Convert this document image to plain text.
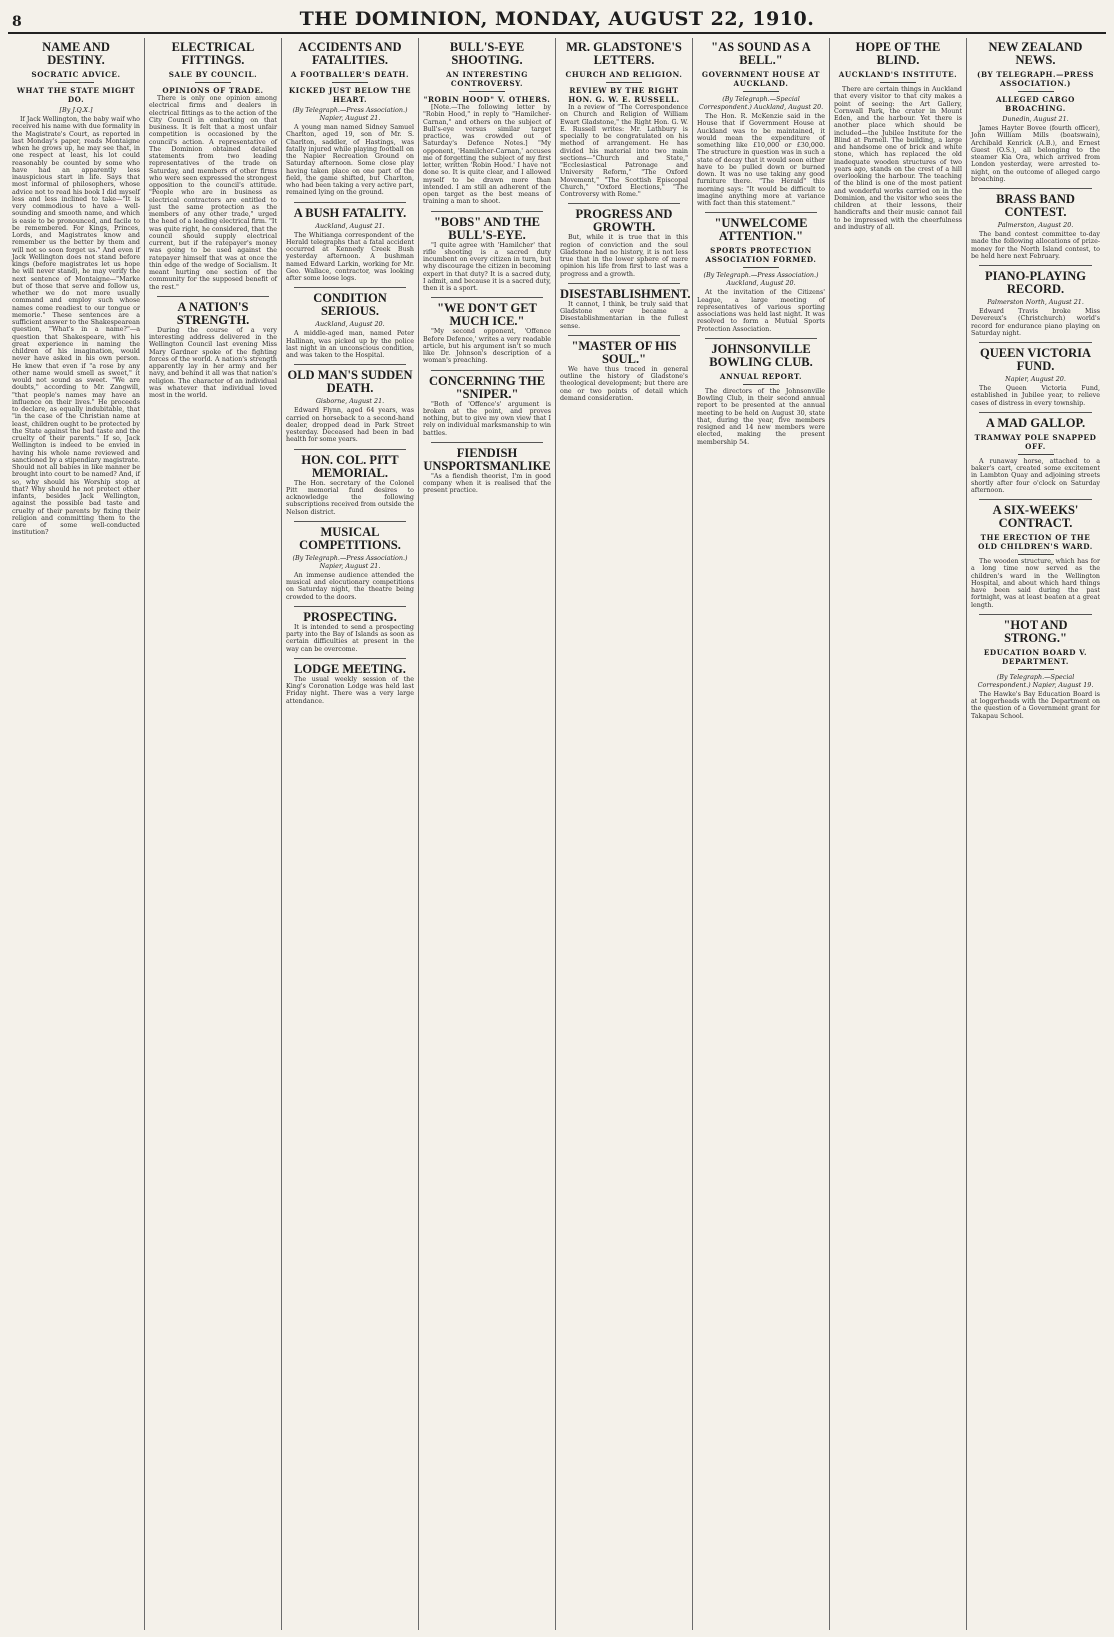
8	THE DOMINION, MONDAY, AUGUST 22, 1910.
NAME AND DESTINY.
SOCRATIC ADVICE.
WHAT THE STATE MIGHT DO.
[By J.Q.X.]
If Jack Wellington, the baby waif who received his name with due formality in the Magistrate's Court, as reported in last Monday's paper, reads Montaigne when he grows up, he may see that, in one respect at least, his lot could reasonably be counted by some who have had an apparently less inauspicious start in life. Says that most informal of philosophers, whose advice not to read his book I did myself less and less inclined to take—"It is very commodious to have a well-sounding and smooth name, and which is easie to be pronounced, and facile to be remembered. For Kings, Princes, Lords, and Magistrates know and remember us the better by them and will not so soon forget us." And even if Jack Wellington does not stand before kings (before magistrates let us hope he will never stand), he may verify the next sentence of Montaigne—"Marke but of those that serve and follow us, whether we do not more usually command and employ such whose names come readiest to our tongue or memorie." These sentences are a sufficient answer to the Shakespearean question, "What's in a name?"—a question that Shakespeare, with his great experience in naming the children of his imagination, would never have asked in his own person. He knew that even if "a rose by any other name would smell as sweet," it would not sound as sweet. "We are doubts," according to Mr. Zangwill, "that people's names may have an influence on their lives." He proceeds to declare, as equally indubitable, that "in the case of the Christian name at least, children ought to be protected by the State against the bad taste and the cruelty of their parents." If so, Jack Wellington is indeed to be envied in having his whole name reviewed and sanctioned by a stipendiary magistrate. Should not all babies in like manner be brought into court to be named? And, if so, why should his Worship stop at that? Why should he not protect other infants, besides Jack Wellington, against the possible bad taste and cruelty of their parents by fixing their religion and committing them to the care of some well-conducted institution?
ELECTRICAL FITTINGS.
SALE BY COUNCIL.
OPINIONS OF TRADE.
There is only one opinion among electrical firms and dealers in electrical fittings as to the action of the City Council in embarking on that business. It is felt that a most unfair competition is occasioned by the council's action. A representative of The Dominion obtained detailed statements from two leading representatives of the trade on Saturday, and members of other firms who were seen expressed the strongest opposition to the council's attitude. "People who are in business as electrical contractors are entitled to just the same protection as the members of any other trade," urged the head of a leading electrical firm. "It was quite right, he considered, that the council should supply electrical current, but if the ratepayer's money was going to be used against the ratepayer himself that was at once the thin edge of the wedge of Socialism. It meant hurting one section of the community for the supposed benefit of the rest."
A NATION'S STRENGTH.
During the course of a very interesting address delivered in the Wellington Council last evening Miss Mary Gardner spoke of the fighting forces of the world. A nation's strength apparently lay in her army and her navy, and behind it all was that nation's religion. The character of an individual was whatever that individual loved most in the world.
ACCIDENTS AND FATALITIES.
A FOOTBALLER'S DEATH.
KICKED JUST BELOW THE HEART.
(By Telegraph.—Press Association.) Napier, August 21.
A young man named Sidney Samuel Charlton, aged 19, son of Mr. S. Charlton, saddler, of Hastings, was fatally injured while playing football on the Napier Recreation Ground on Saturday afternoon. Some close play having taken place on one part of the field, the game shifted, but Charlton, who had been taking a very active part, remained lying on the ground.
A BUSH FATALITY.
Auckland, August 21.
The Whitianga correspondent of the Herald telegraphs that a fatal accident occurred at Kennedy Creek Bush yesterday afternoon. A bushman named Edward Larkin, working for Mr. Geo. Wallace, contractor, was looking after some loose logs.
CONDITION SERIOUS.
Auckland, August 20.
A middle-aged man, named Peter Hallinan, was picked up by the police last night in an unconscious condition, and was taken to the Hospital.
OLD MAN'S SUDDEN DEATH.
Gisborne, August 21.
Edward Flynn, aged 64 years, was carried on horseback to a second-hand dealer, dropped dead in Park Street yesterday. Deceased had been in bad health for some years.
HON. COL. PITT MEMORIAL.
The Hon. secretary of the Colonel Pitt memorial fund desires to acknowledge the following subscriptions received from outside the Nelson district.
MUSICAL COMPETITIONS.
(By Telegraph.—Press Association.) Napier, August 21.
An immense audience attended the musical and elocutionary competitions on Saturday night, the theatre being crowded to the doors.
PROSPECTING.
It is intended to send a prospecting party into the Bay of Islands as soon as certain difficulties at present in the way can be overcome.
LODGE MEETING.
The usual weekly session of the King's Coronation Lodge was held last Friday night. There was a very large attendance.
BULL'S-EYE SHOOTING.
AN INTERESTING CONTROVERSY.
"ROBIN HOOD" V. OTHERS.
[Note.—The following letter by "Robin Hood," in reply to "Hamilcher-Carnan," and others on the subject of Bull's-eye versus similar target practice, was crowded out of Saturday's Defence Notes.] "My opponent, 'Hamilcher-Carnan,' accuses me of forgetting the subject of my first letter, written 'Robin Hood.' I have not done so. It is quite clear, and I allowed myself to be drawn more than intended. I am still an adherent of the open target as the best means of training a man to shoot.
"BOBS" AND THE BULL'S-EYE.
"I quite agree with 'Hamilcher' that rifle shooting is a sacred duty incumbent on every citizen in turn, but why discourage the citizen in becoming expert in that duty? It is a sacred duty, I admit, and because it is a sacred duty, then it is a sport.
"WE DON'T GET MUCH ICE."
"My second opponent, 'Offence Before Defence,' writes a very readable article, but his argument isn't so much like Dr. Johnson's description of a woman's preaching.
CONCERNING THE "SNIPER."
"Both of 'Offence's' argument is broken at the point, and proves nothing, but to give my own view that I rely on individual marksmanship to win battles.
FIENDISH UNSPORTSMANLIKE
"As a fiendish theorist, I'm in good company when it is realised that the present practice.
MR. GLADSTONE'S LETTERS.
CHURCH AND RELIGION.
REVIEW BY THE RIGHT HON. G. W. E. RUSSELL.
In a review of "The Correspondence on Church and Religion of William Ewart Gladstone," the Right Hon. G. W. E. Russell writes: Mr. Lathbury is specially to be congratulated on his method of arrangement. He has divided his material into two main sections—"Church and State," "Ecclesiastical Patronage and University Reform," "The Oxford Movement," "The Scottish Episcopal Church," "Oxford Elections," "The Controversy with Rome."
PROGRESS AND GROWTH.
But, while it is true that in this region of conviction and the soul Gladstone had no history, it is not less true that in the lower sphere of mere opinion his life from first to last was a progress and a growth.
DISESTABLISHMENT.
It cannot, I think, be truly said that Gladstone ever became a Disestablishmentarian in the fullest sense.
"MASTER OF HIS SOUL."
We have thus traced in general outline the history of Gladstone's theological development; but there are one or two points of detail which demand consideration.
"AS SOUND AS A BELL."
GOVERNMENT HOUSE AT AUCKLAND.
(By Telegraph.—Special Correspondent.) Auckland, August 20.
The Hon. R. McKenzie said in the House that if Government House at Auckland was to be maintained, it would mean the expenditure of something like £10,000 or £30,000. The structure in question was in such a state of decay that it would soon either have to be pulled down or burned down. It was no use taking any good furniture there. "The Herald" this morning says: "It would be difficult to imagine anything more at variance with fact than this statement."
"UNWELCOME ATTENTION."
SPORTS PROTECTION ASSOCIATION FORMED.
(By Telegraph.—Press Association.) Auckland, August 20.
At the invitation of the Citizens' League, a large meeting of representatives of various sporting associations was held last night. It was resolved to form a Mutual Sports Protection Association.
JOHNSONVILLE BOWLING CLUB.
ANNUAL REPORT.
The directors of the Johnsonville Bowling Club, in their second annual report to be presented at the annual meeting to be held on August 30, state that, during the year, five members resigned and 14 new members were elected, making the present membership 54.
HOPE OF THE BLIND.
AUCKLAND'S INSTITUTE.
There are certain things in Auckland that every visitor to that city makes a point of seeing: the Art Gallery, Cornwall Park, the crater in Mount Eden, and the harbour. Yet there is another place which should be included—the Jubilee Institute for the Blind at Parnell. The building, a large and handsome one of brick and white stone, which has replaced the old inadequate wooden structures of two years ago, stands on the crest of a hill overlooking the harbour. The teaching of the blind is one of the most patient and wonderful works carried on in the Dominion, and the visitor who sees the children at their lessons, their handicrafts and their music cannot fail to be impressed with the cheerfulness and industry of all.
NEW ZEALAND NEWS.
(BY TELEGRAPH.—PRESS ASSOCIATION.)
ALLEGED CARGO BROACHING.
Dunedin, August 21.
James Hayter Bovee (fourth officer), John William Mills (boatswain), Archibald Kenrick (A.B.), and Ernest Guest (O.S.), all belonging to the steamer Kia Ora, which arrived from London yesterday, were arrested to-night, on the outcome of alleged cargo broaching.
BRASS BAND CONTEST.
Palmerston, August 20.
The band contest committee to-day made the following allocations of prize-money for the North Island contest, to be held here next February.
PIANO-PLAYING RECORD.
Palmerston North, August 21.
Edward Travis broke Miss Devereux's (Christchurch) world's record for endurance piano playing on Saturday night.
QUEEN VICTORIA FUND.
Napier, August 20.
The Queen Victoria Fund, established in Jubilee year, to relieve cases of distress in every township.
A MAD GALLOP.
TRAMWAY POLE SNAPPED OFF.
A runaway horse, attached to a baker's cart, created some excitement in Lambton Quay and adjoining streets shortly after four o'clock on Saturday afternoon.
A SIX-WEEKS' CONTRACT.
THE ERECTION OF THE OLD CHILDREN'S WARD.
The wooden structure, which has for a long time now served as the children's ward in the Wellington Hospital, and about which hard things have been said during the past fortnight, was at least beaten at a great length.
"HOT AND STRONG."
EDUCATION BOARD V. DEPARTMENT.
(By Telegraph.—Special Correspondent.) Napier, August 19.
The Hawke's Bay Education Board is at loggerheads with the Department on the question of a Government grant for Takapau School.
